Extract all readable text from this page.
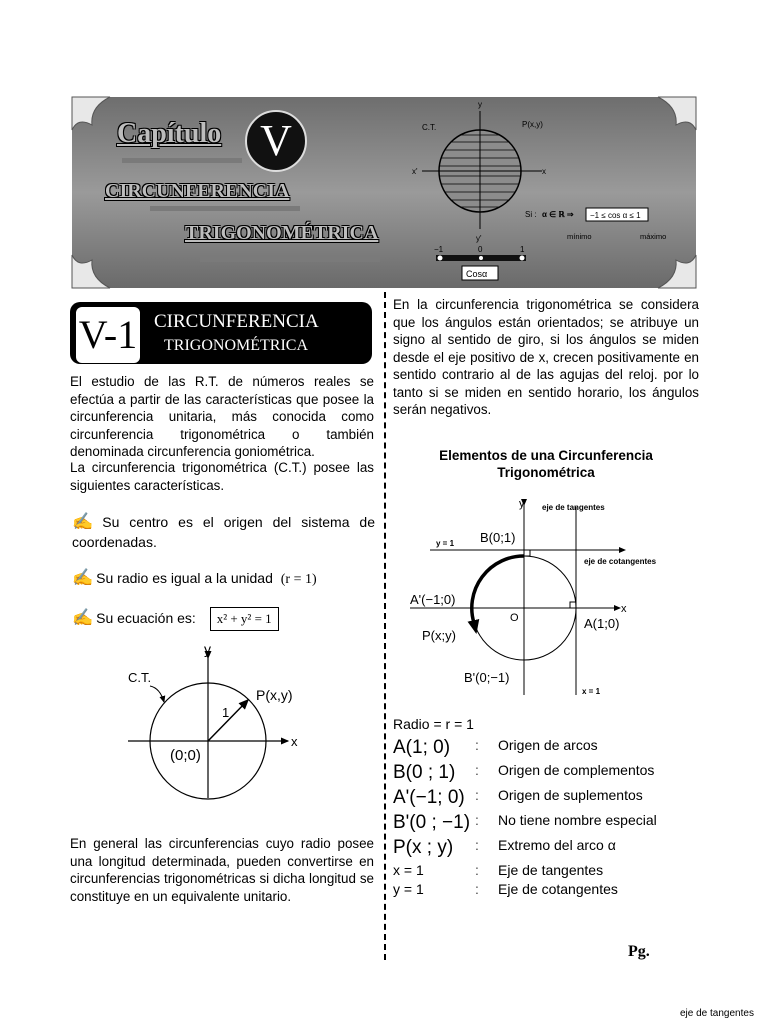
C.T.	P(x,y)
y
y'
x
x'
Si : α ∈ ℝ ⇒ −1 ≤ cos α ≤ 1
mínimo	máximo
−1	0	1
Cosα
Capítulo V
CIRCUNFERENCIA
TRIGONOMÉTRICA
V-1 CIRCUNFERENCIA
TRIGONOMÉTRICA
El estudio de las R.T. de números reales se efectúa a partir de las características que posee la circunferencia unitaria, más conocida como circunferencia trigonométrica o también denominada circunferencia goniométrica.
La circunferencia trigonométrica (C.T.) posee las siguientes características.
✍ Su centro es el origen del sistema de coordenadas.
✍ Su radio es igual a la unidad (r = 1)
✍ Su ecuación es: x² + y² = 1
y
x
C.T.
P(x,y)
1
(0;0)
En general las circunferencias cuyo radio posee una longitud determinada, pueden convertirse en circunferencias trigonométricas si dicha longitud se constituye en un equivalente unitario.
En la circunferencia trigonométrica se considera que los ángulos están orientados; se atribuye un signo al sentido de giro, si los ángulos se miden desde el eje positivo de x, crecen positivamente en sentido contrario al de las agujas del reloj. por lo tanto si se miden en sentido horario, los ángulos serán negativos.
Elementos de una Circunferencia
Trigonométrica
y
x
eje de tangentes
eje de cotangentes
y = 1
x = 1
B(0;1)
A(1;0)
A'(−1;0)
B'(0;−1)
P(x;y)
O
Radio = r = 1
A(1; 0) : Origen de arcos
B(0 ; 1) : Origen de complementos
A'(−1; 0) : Origen de suplementos
B'(0 ; −1) : No tiene nombre especial
P(x ; y) : Extremo del arco α
x = 1	: Eje de tangentes
y = 1	: Eje de cotangentes
Pg.
eje de tangentes
